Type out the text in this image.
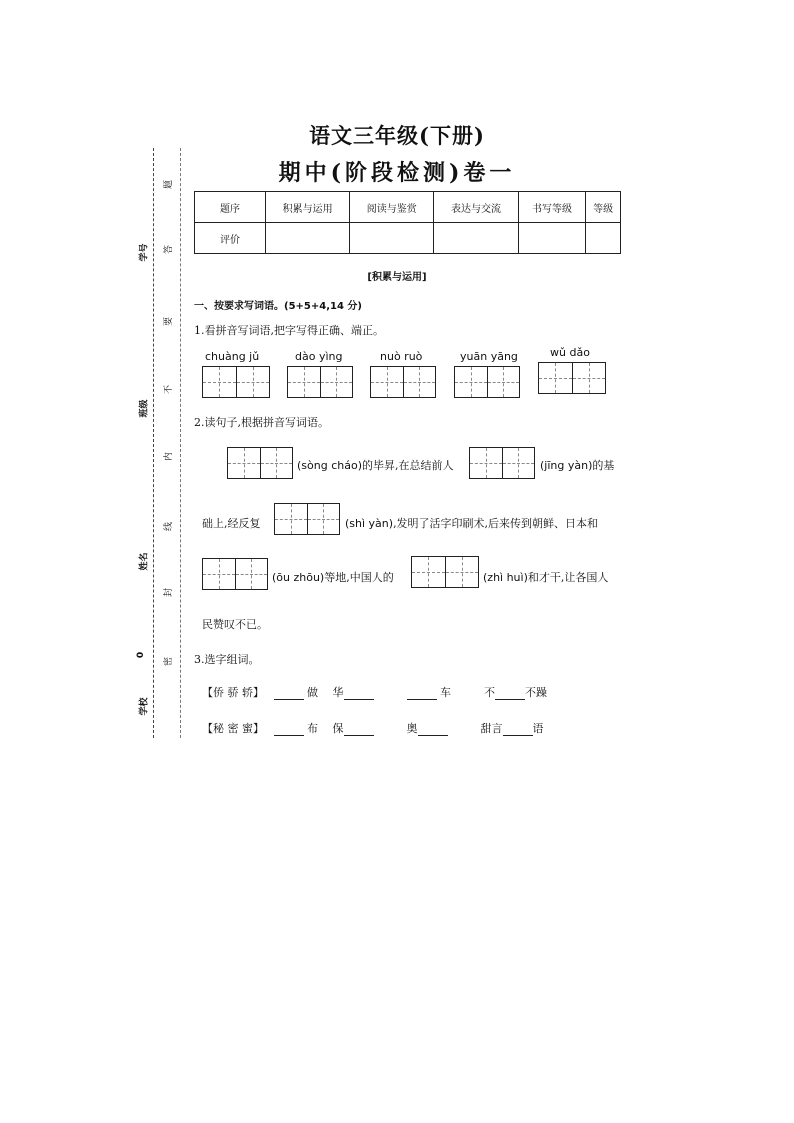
学号
班级
姓名
0
学校
题
答
要
不
内
线
封
密
语文三年级(下册)
期中(阶段检测)卷一
题序	积累与运用	阅读与鉴赏	表达与交流	书写等级	等级
评价					
[积累与运用]
一、按要求写词语。(5+5+4,14 分)
1.看拼音写词语,把字写得正确、端正。
chuàng jǔ	dào yìng	nuò ruò	yuān yāng	wǔ dǎo
2.读句子,根据拼音写词语。
(sòng cháo)的毕昇,在总结前人	(jīng yàn)的基
础上,经反复	(shì yàn),发明了活字印刷术,后来传到朝鲜、日本和
(ōu zhōu)等地,中国人的	(zhì huì)和才干,让各国人
民赞叹不已。
3.选字组词。
【侨 骄 轿】	做 华	车	不	不躁
【秘 密 蜜】	布 保	奥	甜言	语
